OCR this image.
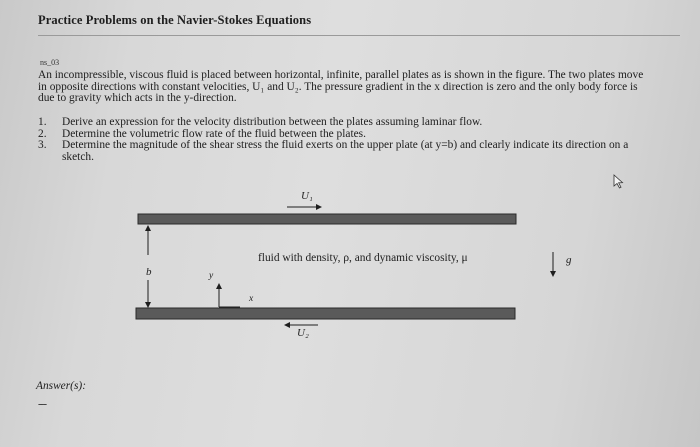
Practice Problems on the Navier-Stokes Equations
ns_03

An incompressible, viscous fluid is placed between horizontal, infinite, parallel plates as is shown in the figure. The two plates move in opposite directions with constant velocities, U₁ and U₂. The pressure gradient in the x direction is zero and the only body force is due to gravity which acts in the y-direction.

1. Derive an expression for the velocity distribution between the plates assuming laminar flow.
2. Determine the volumetric flow rate of the fluid between the plates.
3. Determine the magnitude of the shear stress the fluid exerts on the upper plate (at y=b) and clearly indicate its direction on a sketch.
U₁
U₂
b	y
x
g
fluid with density, ρ, and dynamic viscosity, μ
Answer(s):
---
